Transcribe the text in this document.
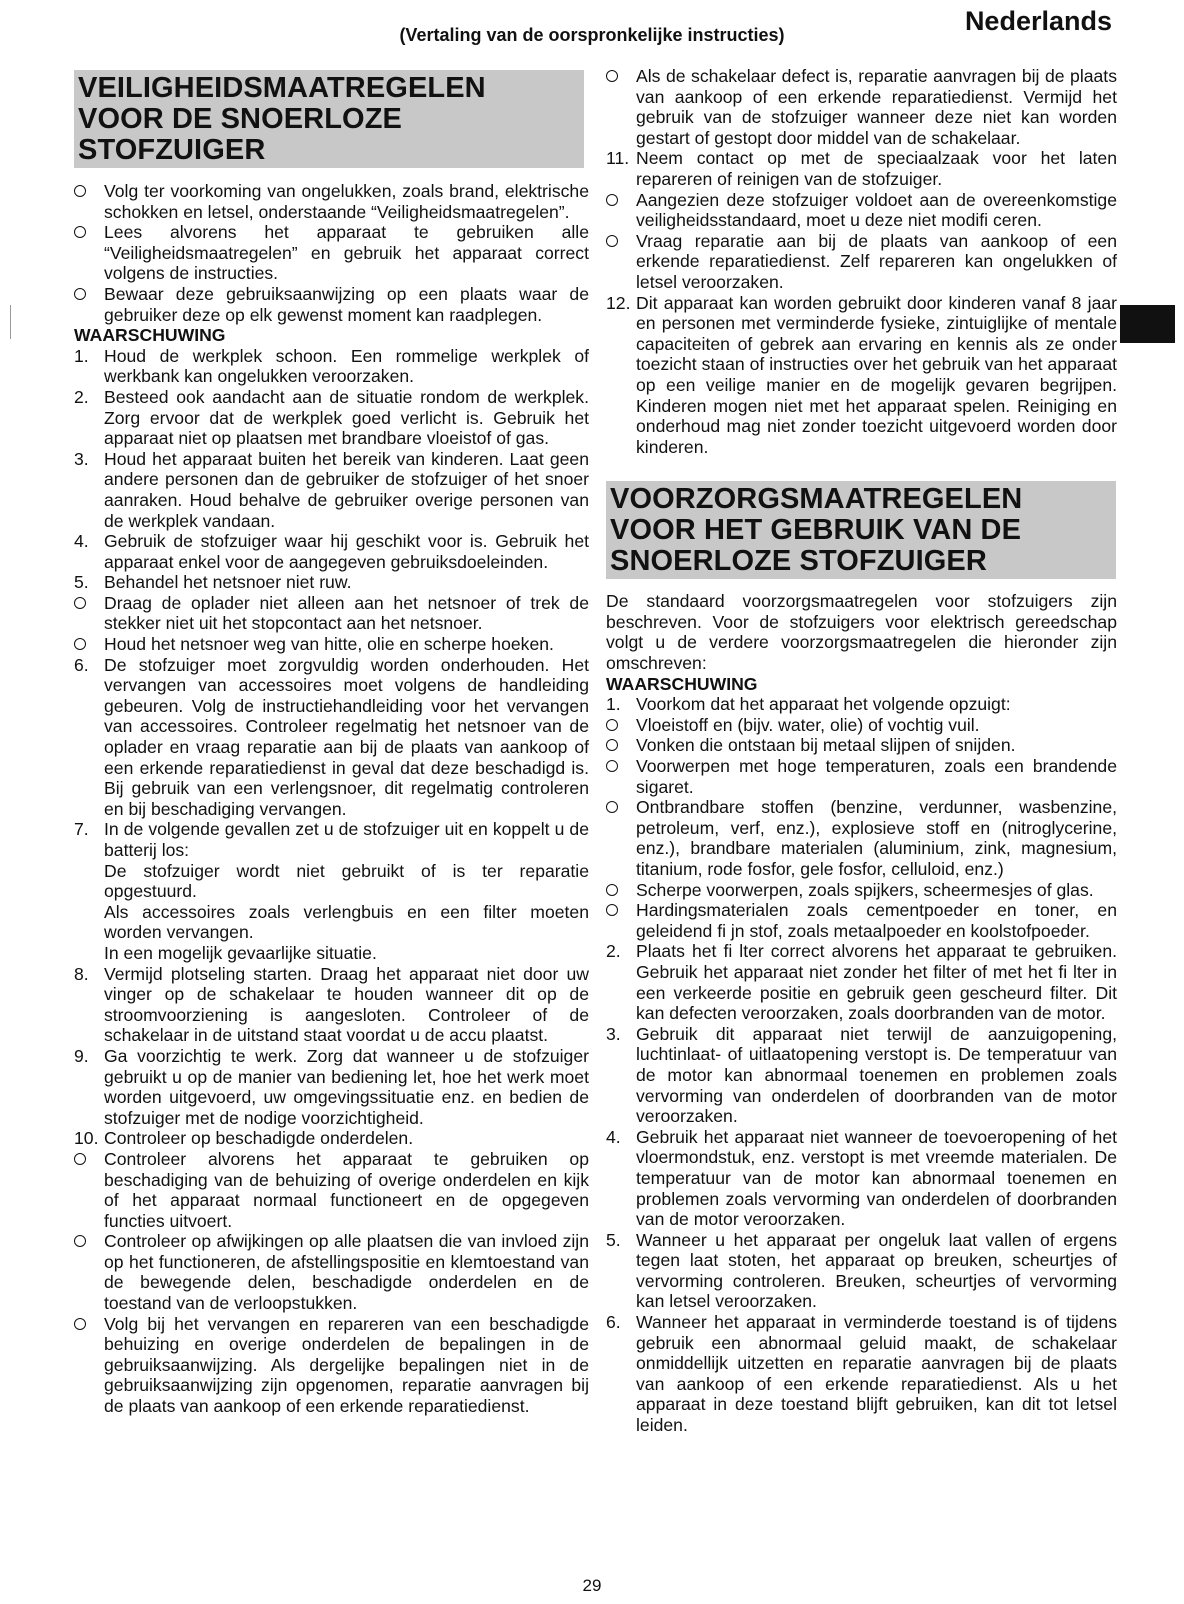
(Vertaling van de oorspronkelijke instructies)	Nederlands
VEILIGHEIDSMAATREGELEN VOOR DE SNOERLOZE STOFZUIGER

Volg ter voorkoming van ongelukken, zoals brand, elektrische schokken en letsel, onderstaande “Veiligheidsmaatregelen”.

Lees alvorens het apparaat te gebruiken alle “Veiligheidsmaatregelen” en gebruik het apparaat correct volgens de instructies.

Bewaar deze gebruiksaanwijzing op een plaats waar de gebruiker deze op elk gewenst moment kan raadplegen.

WAARSCHUWING

1. Houd de werkplek schoon. Een rommelige werkplek of werkbank kan ongelukken veroorzaken.

2. Besteed ook aandacht aan de situatie rondom de werkplek. Zorg ervoor dat de werkplek goed verlicht is. Gebruik het apparaat niet op plaatsen met brandbare vloeistof of gas.

3. Houd het apparaat buiten het bereik van kinderen. Laat geen andere personen dan de gebruiker de stofzuiger of het snoer aanraken. Houd behalve de gebruiker overige personen van de werkplek vandaan.

4. Gebruik de stofzuiger waar hij geschikt voor is. Gebruik het apparaat enkel voor de aangegeven gebruiksdoeleinden.

5. Behandel het netsnoer niet ruw.

Draag de oplader niet alleen aan het netsnoer of trek de stekker niet uit het stopcontact aan het netsnoer.

Houd het netsnoer weg van hitte, olie en scherpe hoeken.

6. De stofzuiger moet zorgvuldig worden onderhouden. Het vervangen van accessoires moet volgens de handleiding gebeuren. Volg de instructiehandleiding voor het vervangen van accessoires. Controleer regelmatig het netsnoer van de oplader en vraag reparatie aan bij de plaats van aankoop of een erkende reparatiedienst in geval dat deze beschadigd is. Bij gebruik van een verlengsnoer, dit regelmatig controleren en bij beschadiging vervangen.

7. In de volgende gevallen zet u de stofzuiger uit en koppelt u de batterij los:

De stofzuiger wordt niet gebruikt of is ter reparatie opgestuurd.

Als accessoires zoals verlengbuis en een filter moeten worden vervangen.

In een mogelijk gevaarlijke situatie.

8. Vermijd plotseling starten. Draag het apparaat niet door uw vinger op de schakelaar te houden wanneer dit op de stroomvoorziening is aangesloten. Controleer of de schakelaar in de uitstand staat voordat u de accu plaatst.

9. Ga voorzichtig te werk. Zorg dat wanneer u de stofzuiger gebruikt u op de manier van bediening let, hoe het werk moet worden uitgevoerd, uw omgevingssituatie enz. en bedien de stofzuiger met de nodige voorzichtigheid.

10. Controleer op beschadigde onderdelen.

Controleer alvorens het apparaat te gebruiken op beschadiging van de behuizing of overige onderdelen en kijk of het apparaat normaal functioneert en de opgegeven functies uitvoert.

Controleer op afwijkingen op alle plaatsen die van invloed zijn op het functioneren, de afstellingspositie en klemtoestand van de bewegende delen, beschadigde onderdelen en de toestand van de verloopstukken.

Volg bij het vervangen en repareren van een beschadigde behuizing en overige onderdelen de bepalingen in de gebruiksaanwijzing. Als dergelijke bepalingen niet in de gebruiksaanwijzing zijn opgenomen, reparatie aanvragen bij de plaats van aankoop of een erkende reparatiedienst.

Als de schakelaar defect is, reparatie aanvragen bij de plaats van aankoop of een erkende reparatiedienst. Vermijd het gebruik van de stofzuiger wanneer deze niet kan worden gestart of gestopt door middel van de schakelaar.

11. Neem contact op met de speciaalzaak voor het laten repareren of reinigen van de stofzuiger.

Aangezien deze stofzuiger voldoet aan de overeenkomstige veiligheidsstandaard, moet u deze niet modifi ceren.

Vraag reparatie aan bij de plaats van aankoop of een erkende reparatiedienst. Zelf repareren kan ongelukken of letsel veroorzaken.

12. Dit apparaat kan worden gebruikt door kinderen vanaf 8 jaar en personen met verminderde fysieke, zintuiglijke of mentale capaciteiten of gebrek aan ervaring en kennis als ze onder toezicht staan of instructies over het gebruik van het apparaat op een veilige manier en de mogelijk gevaren begrijpen. Kinderen mogen niet met het apparaat spelen. Reiniging en onderhoud mag niet zonder toezicht uitgevoerd worden door kinderen.

VOORZORGSMAATREGELEN VOOR HET GEBRUIK VAN DE SNOERLOZE STOFZUIGER

De standaard voorzorgsmaatregelen voor stofzuigers zijn beschreven. Voor de stofzuigers voor elektrisch gereedschap volgt u de verdere voorzorgsmaatregelen die hieronder zijn omschreven:

WAARSCHUWING

1. Voorkom dat het apparaat het volgende opzuigt:

Vloeistoff en (bijv. water, olie) of vochtig vuil.

Vonken die ontstaan bij metaal slijpen of snijden.

Voorwerpen met hoge temperaturen, zoals een brandende sigaret.

Ontbrandbare stoffen (benzine, verdunner, wasbenzine, petroleum, verf, enz.), explosieve stoff en (nitroglycerine, enz.), brandbare materialen (aluminium, zink, magnesium, titanium, rode fosfor, gele fosfor, celluloid, enz.)

Scherpe voorwerpen, zoals spijkers, scheermesjes of glas.

Hardingsmaterialen zoals cementpoeder en toner, en geleidend fi jn stof, zoals metaalpoeder en koolstofpoeder.

2. Plaats het fi lter correct alvorens het apparaat te gebruiken. Gebruik het apparaat niet zonder het filter of met het fi lter in een verkeerde positie en gebruik geen gescheurd filter. Dit kan defecten veroorzaken, zoals doorbranden van de motor.

3. Gebruik dit apparaat niet terwijl de aanzuigopening, luchtinlaat- of uitlaatopening verstopt is. De temperatuur van de motor kan abnormaal toenemen en problemen zoals vervorming van onderdelen of doorbranden van de motor veroorzaken.

4. Gebruik het apparaat niet wanneer de toevoeropening of het vloermondstuk, enz. verstopt is met vreemde materialen. De temperatuur van de motor kan abnormaal toenemen en problemen zoals vervorming van onderdelen of doorbranden van de motor veroorzaken.

5. Wanneer u het apparaat per ongeluk laat vallen of ergens tegen laat stoten, het apparaat op breuken, scheurtjes of vervorming controleren. Breuken, scheurtjes of vervorming kan letsel veroorzaken.

6. Wanneer het apparaat in verminderde toestand is of tijdens gebruik een abnormaal geluid maakt, de schakelaar onmiddellijk uitzetten en reparatie aanvragen bij de plaats van aankoop of een erkende reparatiedienst. Als u het apparaat in deze toestand blijft gebruiken, kan dit tot letsel leiden.

29
